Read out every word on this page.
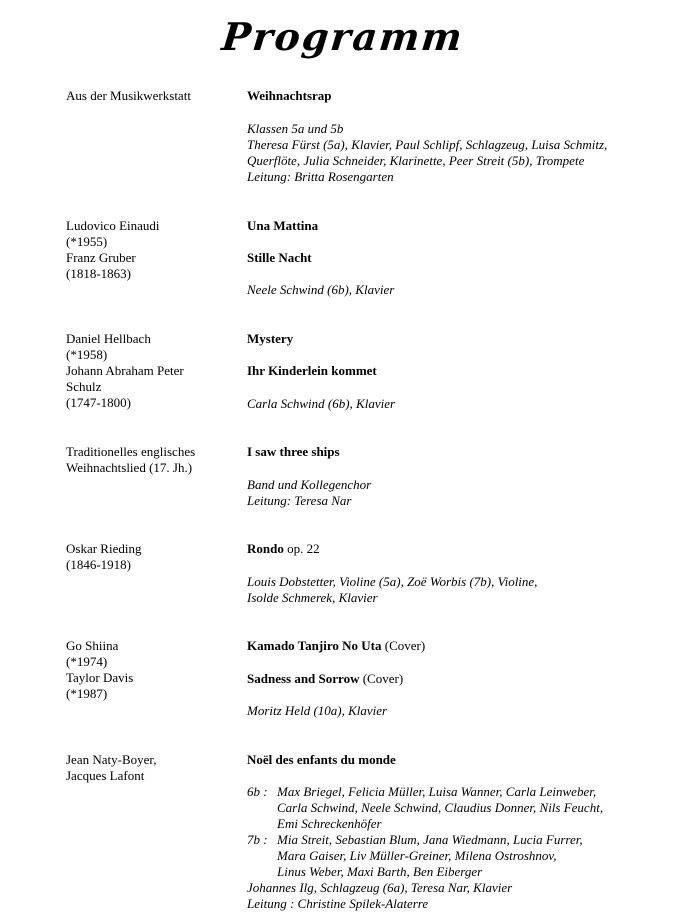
Programm
Aus der Musikwerkstatt	Weihnachtsrap
Klassen 5a und 5b
Theresa Fürst (5a), Klavier, Paul Schlipf, Schlagzeug, Luisa Schmitz,
Querflöte, Julia Schneider, Klarinette, Peer Streit (5b), Trompete
Leitung: Britta Rosengarten
Ludovico Einaudi
(*1955)
Franz Gruber
(1818-1863)
Una Mattina
Stille Nacht
Neele Schwind (6b), Klavier
Daniel Hellbach
(*1958)
Johann Abraham Peter
Schulz
(1747-1800)
Mystery
Ihr Kinderlein kommet
Carla Schwind (6b), Klavier
Traditionelles englisches
Weihnachtslied (17. Jh.)
I saw three ships
Band und Kollegenchor
Leitung: Teresa Nar
Oskar Rieding
(1846-1918)
Rondo op. 22
Louis Dobstetter, Violine (5a), Zoë Worbis (7b), Violine,
Isolde Schmerek, Klavier
Go Shiina
(*1974)
Taylor Davis
(*1987)
Kamado Tanjiro No Uta (Cover)
Sadness and Sorrow (Cover)
Moritz Held (10a), Klavier
Jean Naty-Boyer,
Jacques Lafont
Noël des enfants du monde
6b : Max Briegel, Felicia Müller, Luisa Wanner, Carla Leinweber,
Carla Schwind, Neele Schwind, Claudius Donner, Nils Feucht,
Emi Schreckenhöfer
7b : Mia Streit, Sebastian Blum, Jana Wiedmann, Lucia Furrer,
Mara Gaiser, Liv Müller-Greiner, Milena Ostroshnov,
Linus Weber, Maxi Barth, Ben Eiberger
Johannes Ilg, Schlagzeug (6a), Teresa Nar, Klavier
Leitung : Christine Spilek-Alaterre
